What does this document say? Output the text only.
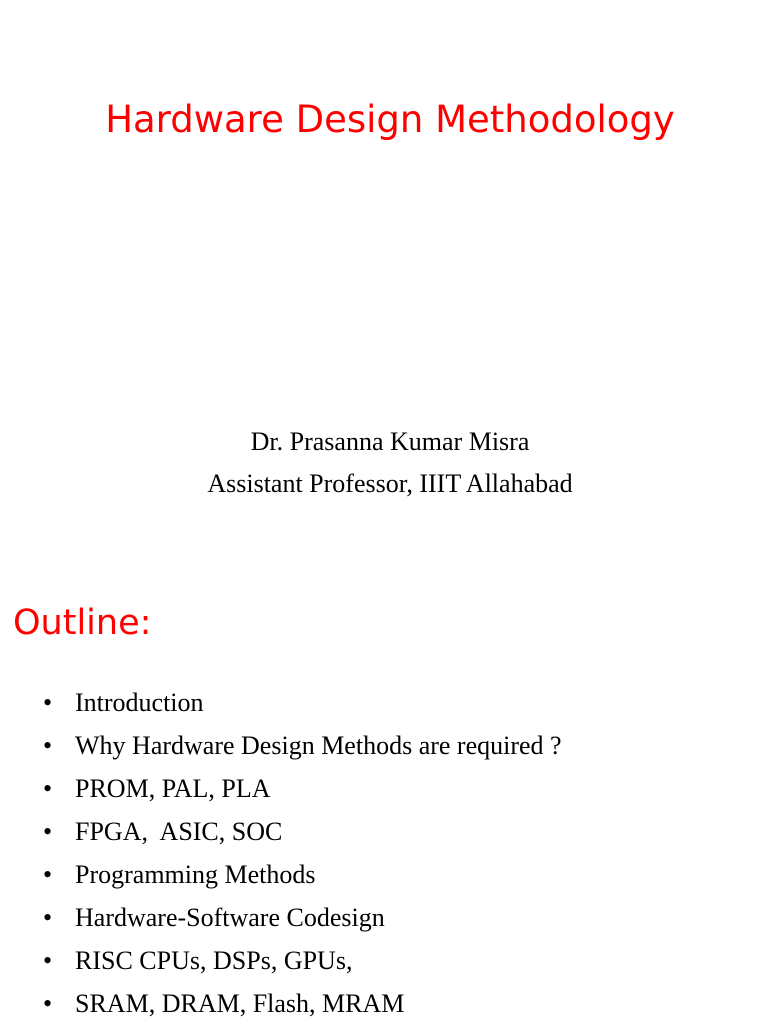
Hardware Design Methodology
Dr. Prasanna Kumar Misra
Assistant Professor, IIIT Allahabad
Outline:
• Introduction
• Why Hardware Design Methods are required ?
• PROM, PAL, PLA
• FPGA,  ASIC, SOC
• Programming Methods
• Hardware-Software Codesign
• RISC CPUs, DSPs, GPUs,
• SRAM, DRAM, Flash, MRAM
